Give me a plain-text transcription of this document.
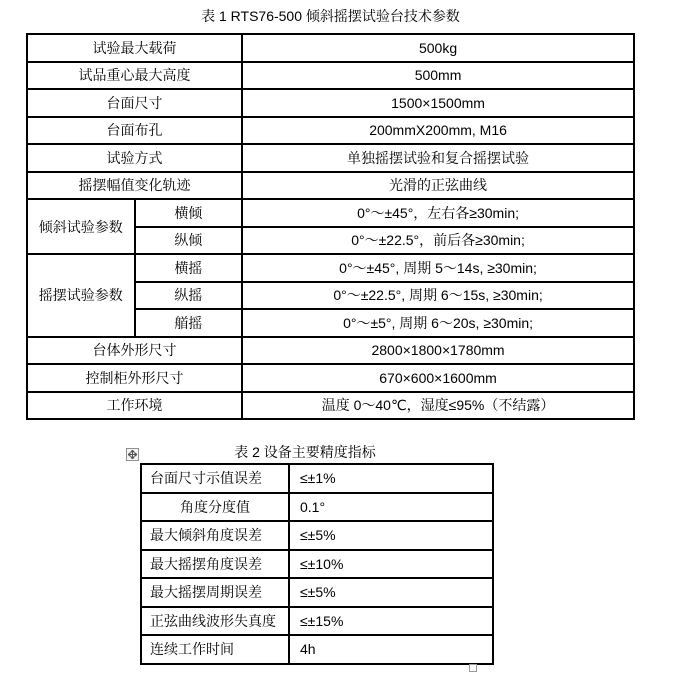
表 1 RTS76-500 倾斜摇摆试验台技术参数
试验最大载荷		500kg
试品重心最大高度		500mm
台面尺寸		1500×1500mm
台面布孔		200mmX200mm, M16
试验方式		单独摇摆试验和复合摇摆试验
摇摆幅值变化轨迹		光滑的正弦曲线
倾斜试验参数	横倾	0°～±45°，左右各≥30min;
	纵倾	0°～±22.5°，前后各≥30min;
摇摆试验参数	横摇	0°～±45°, 周期 5～14s, ≥30min;
	纵摇	0°～±22.5°, 周期 6～15s, ≥30min;
	艏摇	0°～±5°, 周期 6～20s, ≥30min;
台体外形尺寸		2800×1800×1780mm
控制柜外形尺寸		670×600×1600mm
工作环境		温度 0～40℃，湿度≤95%（不结露）
表 2 设备主要精度指标
台面尺寸示值误差	≤±1%
角度分度值	0.1°
最大倾斜角度误差	≤±5%
最大摇摆角度误差	≤±10%
最大摇摆周期误差	≤±5%
正弦曲线波形失真度	≤±15%
连续工作时间	4h
